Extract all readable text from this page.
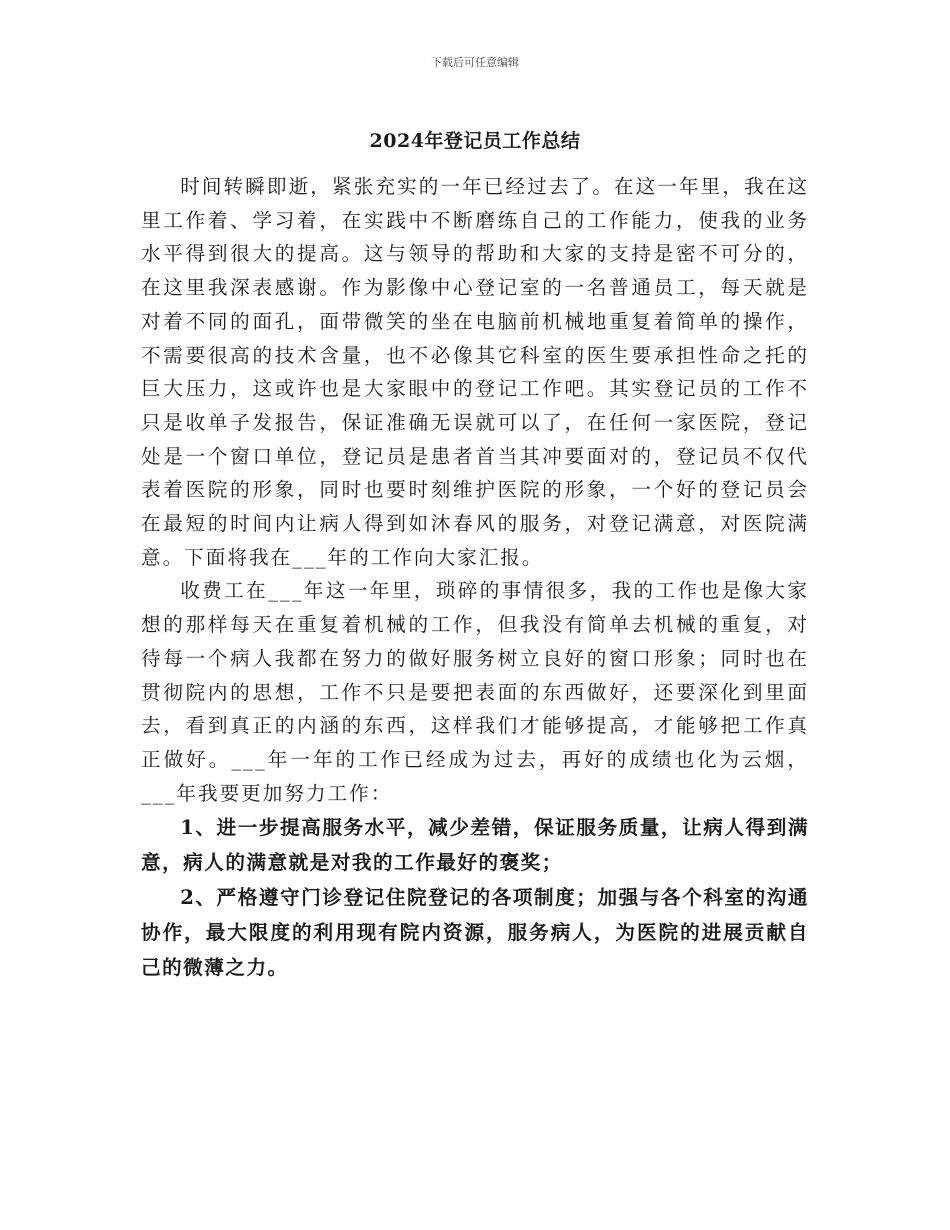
下载后可任意编辑
2024年登记员工作总结

时间转瞬即逝，紧张充实的一年已经过去了。在这一年里，我在这里工作着、学习着，在实践中不断磨练自己的工作能力，使我的业务水平得到很大的提高。这与领导的帮助和大家的支持是密不可分的，在这里我深表感谢。作为影像中心登记室的一名普通员工，每天就是对着不同的面孔，面带微笑的坐在电脑前机械地重复着简单的操作，不需要很高的技术含量，也不必像其它科室的医生要承担性命之托的巨大压力，这或许也是大家眼中的登记工作吧。其实登记员的工作不只是收单子发报告，保证准确无误就可以了，在任何一家医院，登记处是一个窗口单位，登记员是患者首当其冲要面对的，登记员不仅代表着医院的形象，同时也要时刻维护医院的形象，一个好的登记员会在最短的时间内让病人得到如沐春风的服务，对登记满意，对医院满意。下面将我在___年的工作向大家汇报。

收费工在___年这一年里，琐碎的事情很多，我的工作也是像大家想的那样每天在重复着机械的工作，但我没有简单去机械的重复，对待每一个病人我都在努力的做好服务树立良好的窗口形象；同时也在贯彻院内的思想，工作不只是要把表面的东西做好，还要深化到里面去，看到真正的内涵的东西，这样我们才能够提高，才能够把工作真正做好。___年一年的工作已经成为过去，再好的成绩也化为云烟，___年我要更加努力工作：

1、进一步提高服务水平，减少差错，保证服务质量，让病人得到满意，病人的满意就是对我的工作最好的褒奖；

2、严格遵守门诊登记住院登记的各项制度；加强与各个科室的沟通协作，最大限度的利用现有院内资源，服务病人，为医院的进展贡献自己的微薄之力。
